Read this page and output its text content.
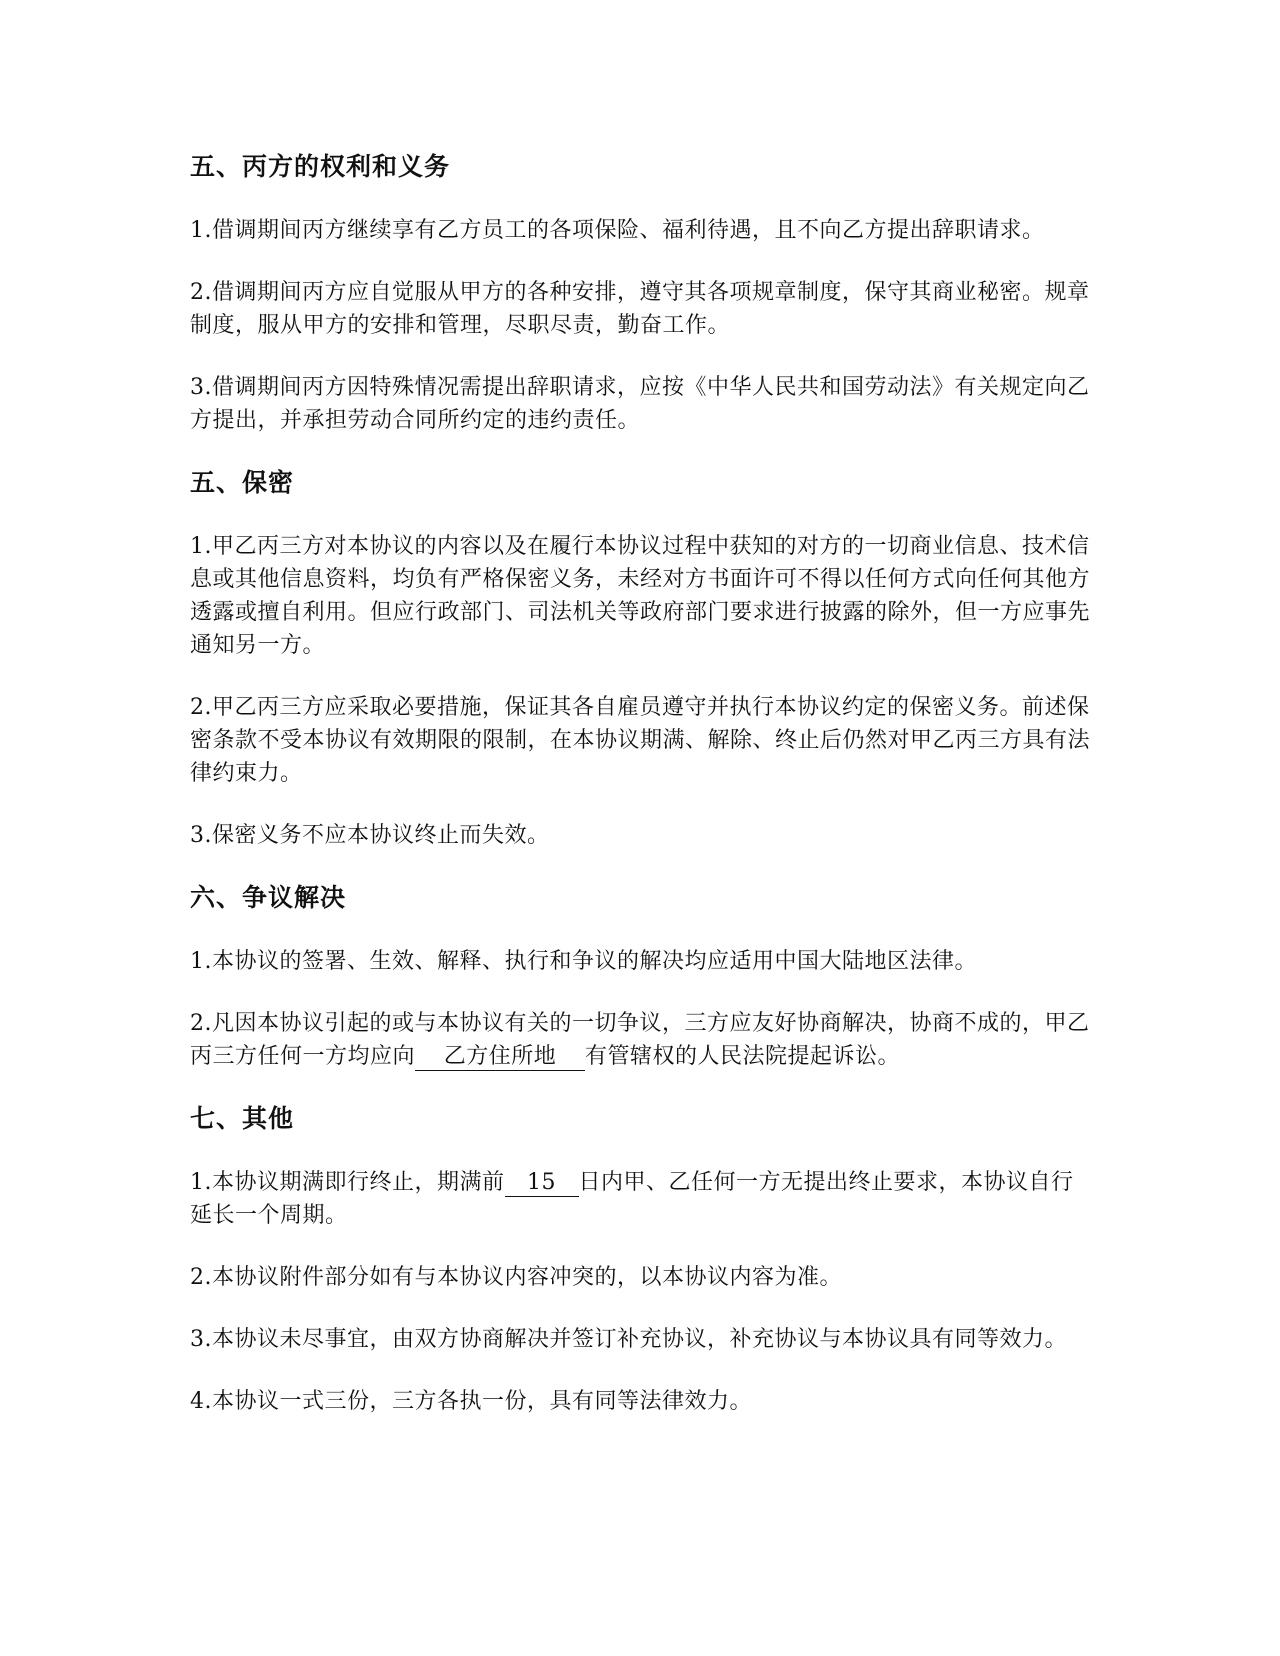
五、丙方的权利和义务
1.借调期间丙方继续享有乙方员工的各项保险、福利待遇，且不向乙方提出辞职请求。
2.借调期间丙方应自觉服从甲方的各种安排，遵守其各项规章制度，保守其商业秘密。规章制度，服从甲方的安排和管理，尽职尽责，勤奋工作。
3.借调期间丙方因特殊情况需提出辞职请求，应按《中华人民共和国劳动法》有关规定向乙方提出，并承担劳动合同所约定的违约责任。
五、保密
1.甲乙丙三方对本协议的内容以及在履行本协议过程中获知的对方的一切商业信息、技术信息或其他信息资料，均负有严格保密义务，未经对方书面许可不得以任何方式向任何其他方透露或擅自利用。但应行政部门、司法机关等政府部门要求进行披露的除外，但一方应事先通知另一方。
2.甲乙丙三方应采取必要措施，保证其各自雇员遵守并执行本协议约定的保密义务。前述保密条款不受本协议有效期限的限制，在本协议期满、解除、终止后仍然对甲乙丙三方具有法律约束力。
3.保密义务不应本协议终止而失效。
六、争议解决
1.本协议的签署、生效、解释、执行和争议的解决均应适用中国大陆地区法律。
2.凡因本协议引起的或与本协议有关的一切争议，三方应友好协商解决，协商不成的，甲乙丙三方任何一方均应向 乙方住所地 有管辖权的人民法院提起诉讼。
七、其他
1.本协议期满即行终止，期满前 15 日内甲、乙任何一方无提出终止要求，本协议自行延长一个周期。
2.本协议附件部分如有与本协议内容冲突的，以本协议内容为准。
3.本协议未尽事宜，由双方协商解决并签订补充协议，补充协议与本协议具有同等效力。
4.本协议一式三份，三方各执一份，具有同等法律效力。
